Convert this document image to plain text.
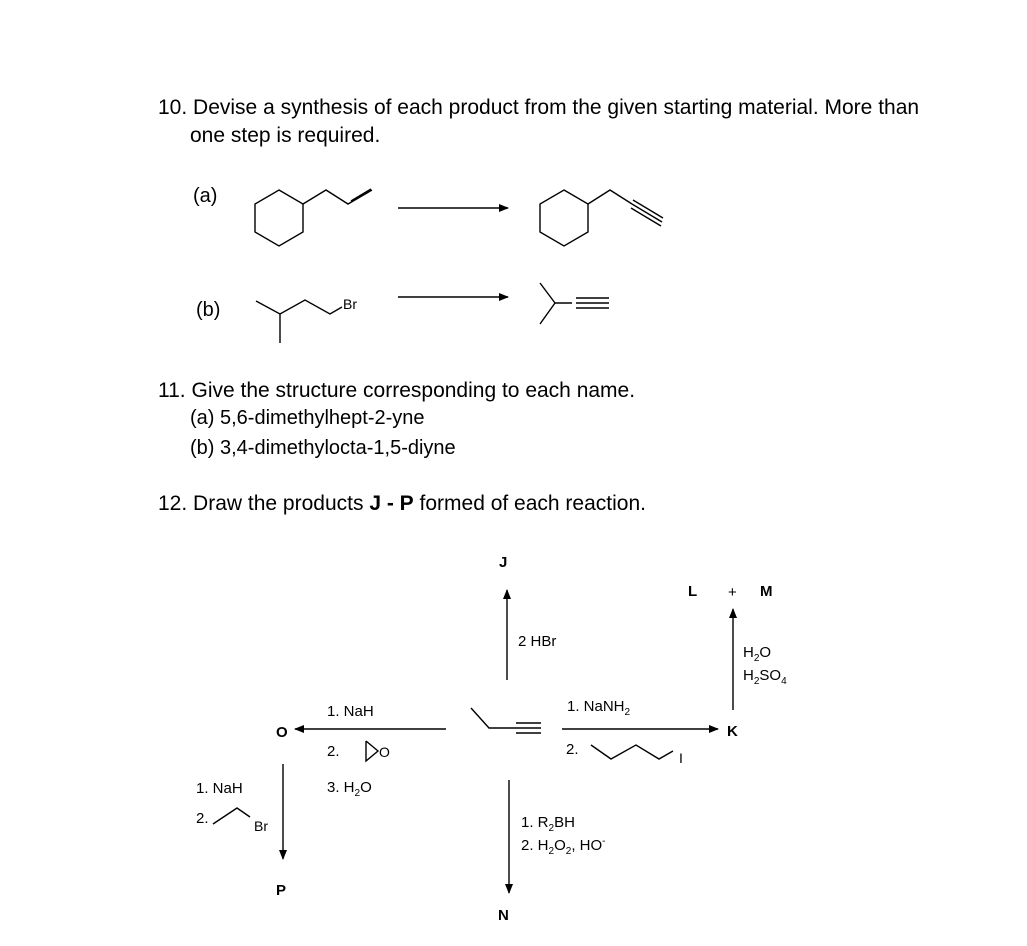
10. Devise a synthesis of each product from the given starting material. More than
one step is required.
(a)
(b)
11. Give the structure corresponding to each name.
(a) 5,6-dimethylhept-2-yne
(b) 3,4-dimethylocta-1,5-diyne
12. Draw the products J - P formed of each reaction.
Br
J
L + M
K
O
P
N
2 HBr
$H_2O$
$H_2SO_4$
1. NaNH$_2$
2.	I
1. NaH
2.	O
3. $H_2O$
1. NaH
2.	Br	1. $R_2BH$
2. $H_2O_2$, HO-
